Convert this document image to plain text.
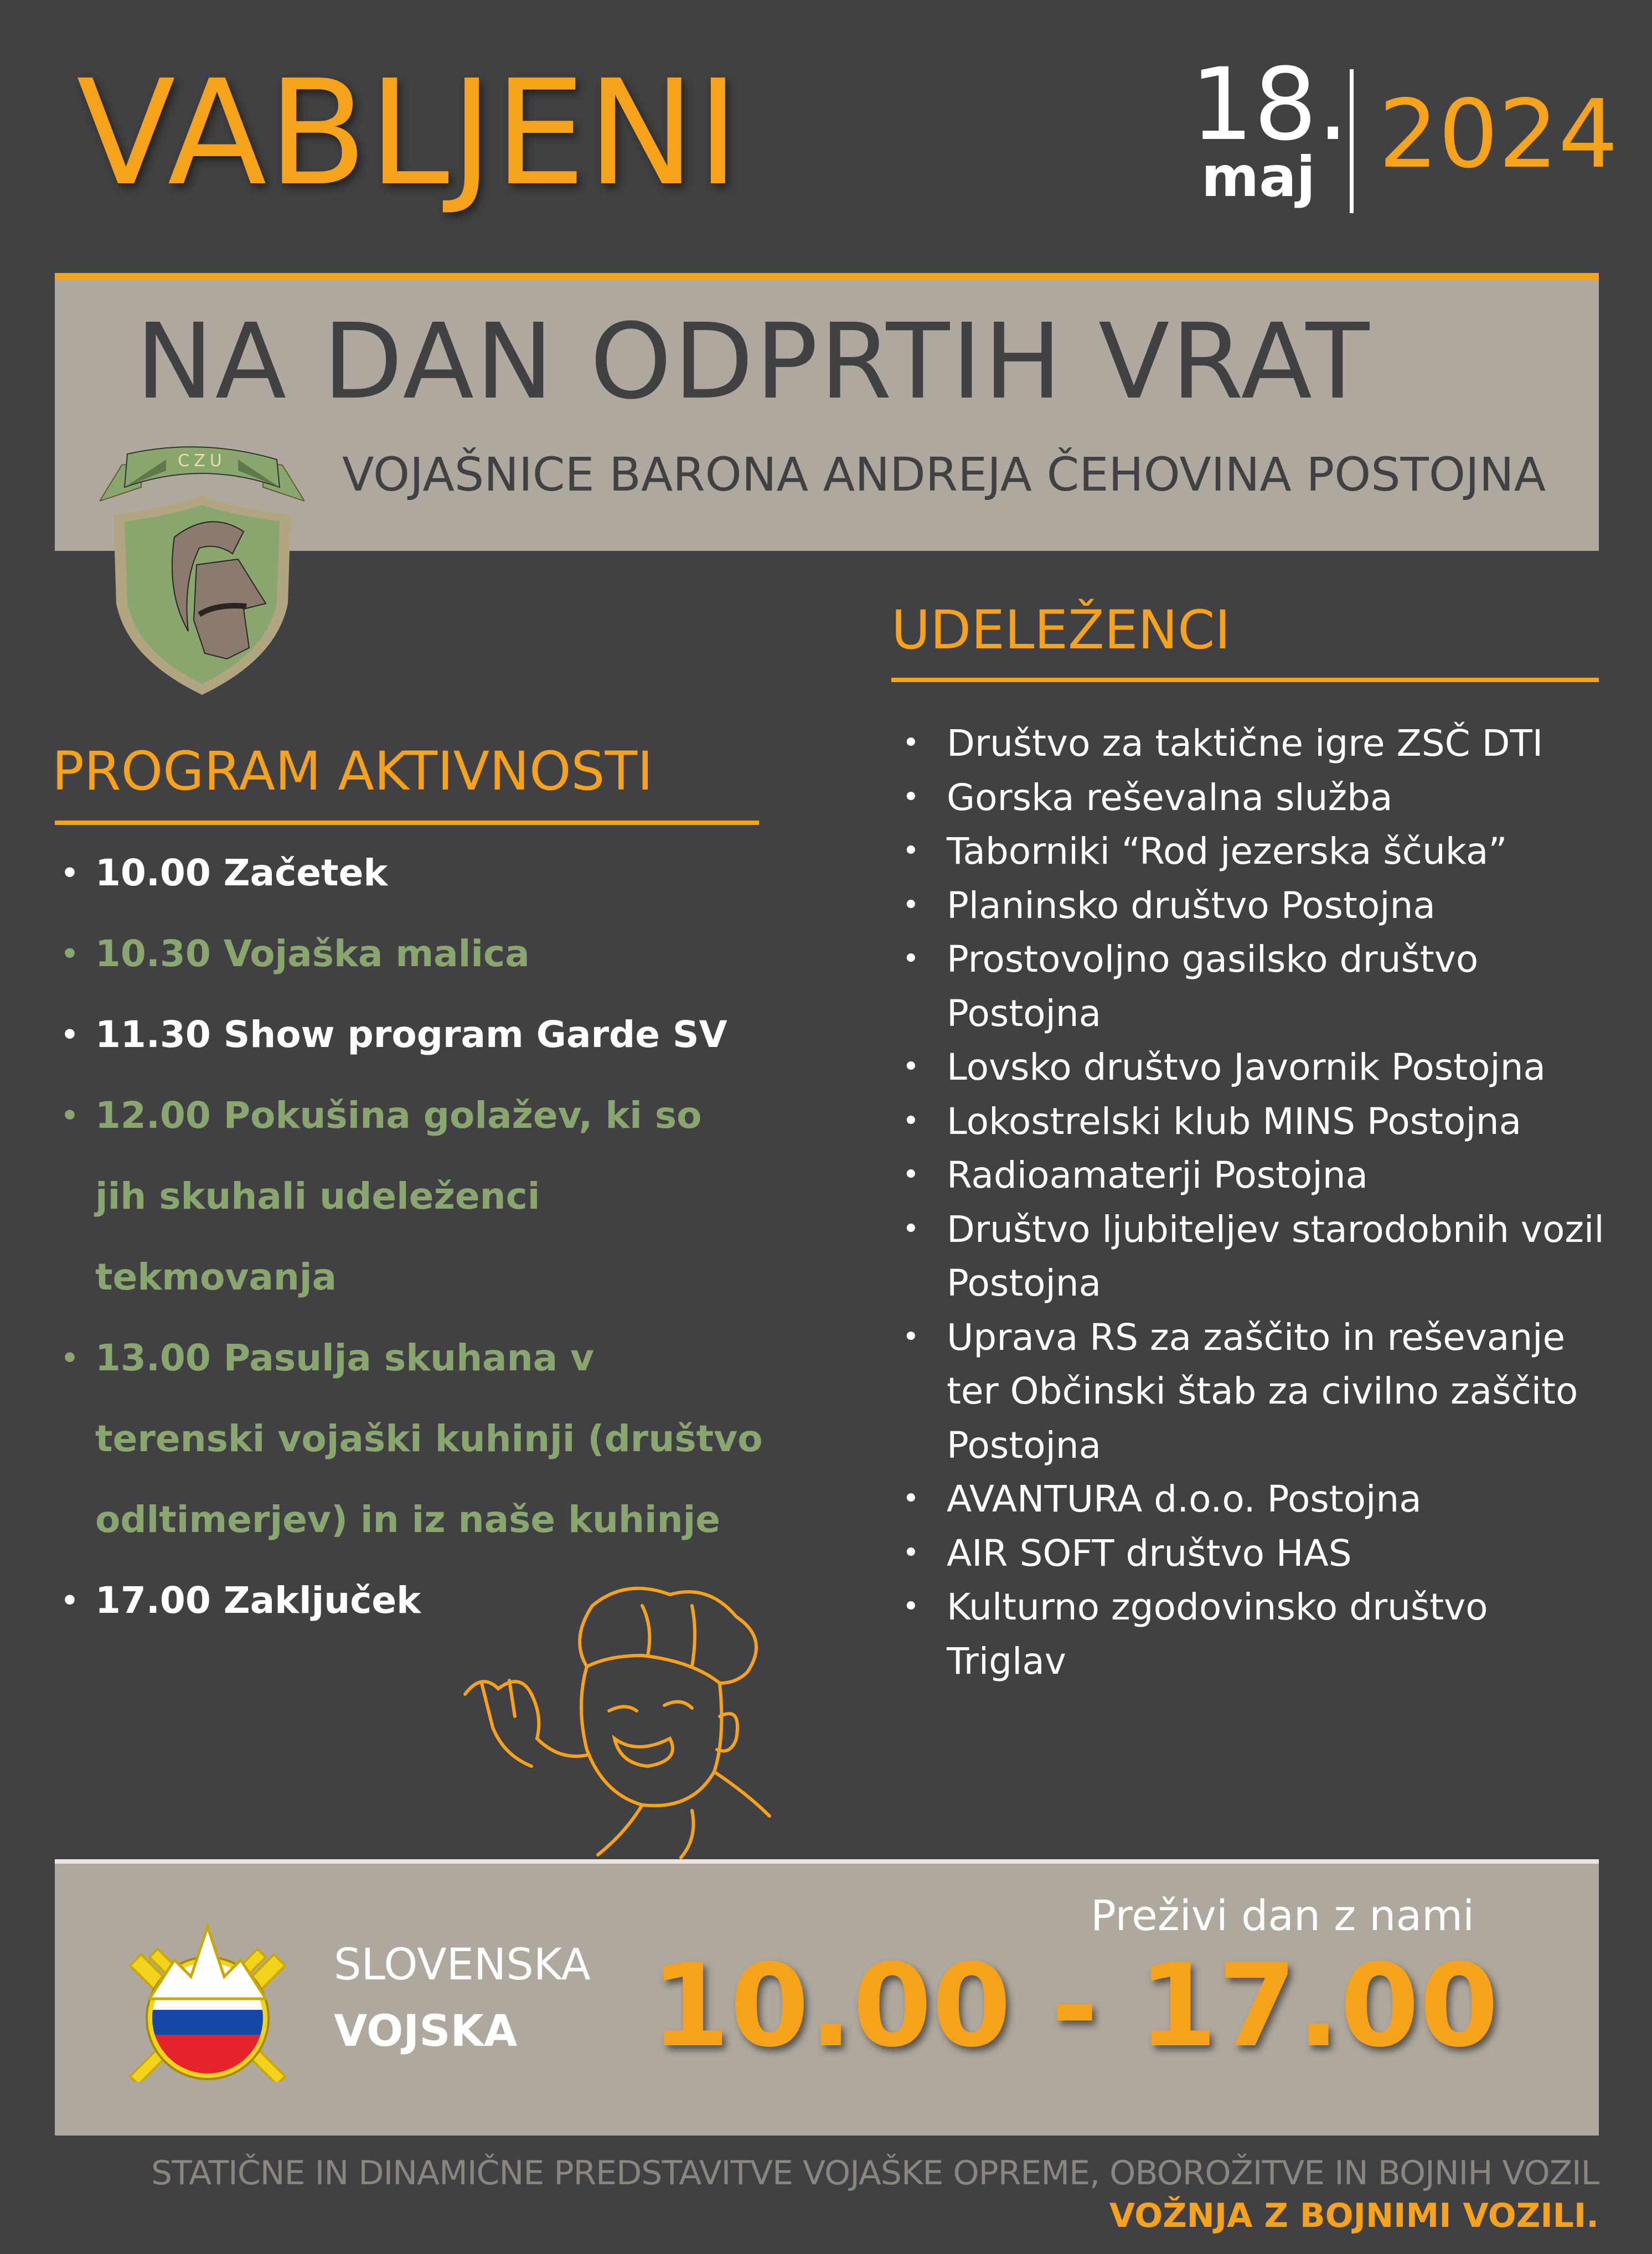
VABLJENI	18.
maj 2024
NA DAN ODPRTIH VRAT
VOJAŠNICE BARONA ANDREJA ČEHOVINA POSTOJNA
CZU
UDELEŽENCI
• Društvo za taktične igre ZSČ DTI
• Gorska reševalna služba
• Taborniki “Rod jezerska ščuka”
• Planinsko društvo Postojna
• Prostovoljno gasilsko društvo
Postojna
• Lovsko društvo Javornik Postojna
• Lokostrelski klub MINS Postojna
• Radioamaterji Postojna
• Društvo ljubiteljev starodobnih vozil
Postojna
• Uprava RS za zaščito in reševanje
ter Občinski štab za civilno zaščito
Postojna
• AVANTURA d.o.o. Postojna
• AIR SOFT društvo HAS
• Kulturno zgodovinsko društvo
Triglav
PROGRAM AKTIVNOSTI
• 10.00 Začetek
• 10.30 Vojaška malica
• 11.30 Show program Garde SV
• 12.00 Pokušina golažev, ki so
jih skuhali udeleženci
tekmovanja
• 13.00 Pasulja skuhana v
terenski vojaški kuhinji (društvo
odltimerjev) in iz naše kuhinje
• 17.00 Zaključek
SLOVENSKA
VOJSKA
Preživi dan z nami
10.00 - 17.00
STATIČNE IN DINAMIČNE PREDSTAVITVE VOJAŠKE OPREME, OBOROŽITVE IN BOJNIH VOZIL
VOŽNJA Z BOJNIMI VOZILI.
